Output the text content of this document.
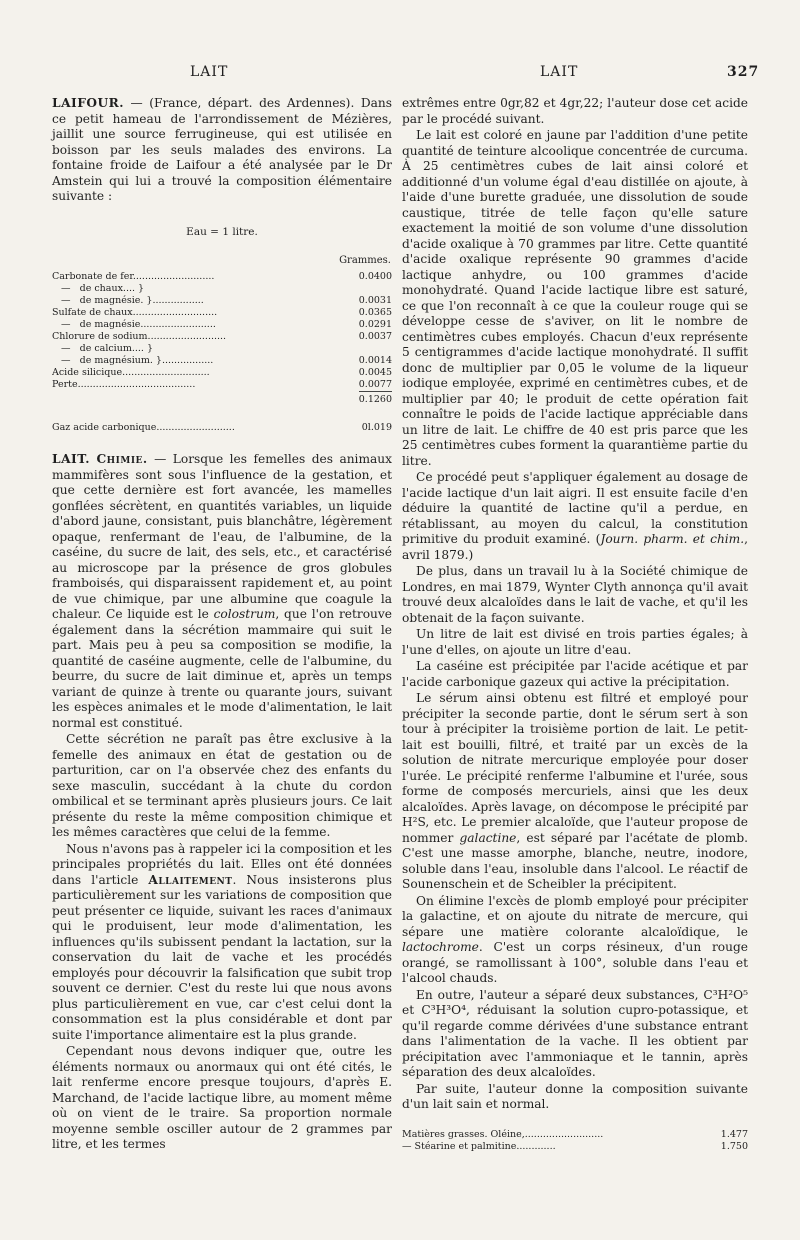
LAIT	LAIT	327

LAIFOUR. — (France, départ. des Ardennes). Dans ce petit hameau de l'arrondissement de Mézières, jaillit une source ferrugineuse, qui est utilisée en boisson par les seuls malades des environs. La fontaine froide de Laifour a été analysée par le Dr Amstein qui lui a trouvé la composition élémentaire suivante :

Eau = 1 litre.
	Grammes.
Carbonate de fer...........................	0.0400
—   de chaux.... }	
—   de magnésie. }.................	0.0031
Sulfate de chaux............................	0.0365
—   de magnésie.........................	0.0291
Chlorure de sodium..........................	0.0037
—   de calcium.... }	
—   de magnésium. }.................	0.0014
Acide silicique.............................	0.0045
Perte.......................................	0.0077
	0.1260

Gaz acide carbonique..........................	0l.019

LAIT. Chimie. — Lorsque les femelles des animaux mammifères sont sous l'influence de la gestation, et que cette dernière est fort avancée, les mamelles gonflées sécrètent, en quantités variables, un liquide d'abord jaune, consistant, puis blanchâtre, légèrement opaque, renfermant de l'eau, de l'albumine, de la caséine, du sucre de lait, des sels, etc., et caractérisé au microscope par la présence de gros globules framboisés, qui disparaissent rapidement et, au point de vue chimique, par une albumine que coagule la chaleur. Ce liquide est le colostrum, que l'on retrouve également dans la sécrétion mammaire qui suit le part. Mais peu à peu sa composition se modifie, la quantité de caséine augmente, celle de l'albumine, du beurre, du sucre de lait diminue et, après un temps variant de quinze à trente ou quarante jours, suivant les espèces animales et le mode d'alimentation, le lait normal est constitué.

Cette sécrétion ne paraît pas être exclusive à la femelle des animaux en état de gestation ou de parturition, car on l'a observée chez des enfants du sexe masculin, succédant à la chute du cordon ombilical et se terminant après plusieurs jours. Ce lait présente du reste la même composition chimique et les mêmes caractères que celui de la femme.

Nous n'avons pas à rappeler ici la composition et les principales propriétés du lait. Elles ont été données dans l'article Allaitement. Nous insisterons plus particulièrement sur les variations de composition que peut présenter ce liquide, suivant les races d'animaux qui le produisent, leur mode d'alimentation, les influences qu'ils subissent pendant la lactation, sur la conservation du lait de vache et les procédés employés pour découvrir la falsification que subit trop souvent ce dernier. C'est du reste lui que nous avons plus particulièrement en vue, car c'est celui dont la consommation est la plus considérable et dont par suite l'importance alimentaire est la plus grande.

Cependant nous devons indiquer que, outre les éléments normaux ou anormaux qui ont été cités, le lait renferme encore presque toujours, d'après E. Marchand, de l'acide lactique libre, au moment même où on vient de le traire. Sa proportion normale moyenne semble osciller autour de 2 grammes par litre, et les termes

extrêmes entre 0gr,82 et 4gr,22; l'auteur dose cet acide par le procédé suivant.

Le lait est coloré en jaune par l'addition d'une petite quantité de teinture alcoolique concentrée de curcuma. À 25 centimètres cubes de lait ainsi coloré et additionné d'un volume égal d'eau distillée on ajoute, à l'aide d'une burette graduée, une dissolution de soude caustique, titrée de telle façon qu'elle sature exactement la moitié de son volume d'une dissolution d'acide oxalique à 70 grammes par litre. Cette quantité d'acide oxalique représente 90 grammes d'acide lactique anhydre, ou 100 grammes d'acide monohydraté. Quand l'acide lactique libre est saturé, ce que l'on reconnaît à ce que la couleur rouge qui se développe cesse de s'aviver, on lit le nombre de centimètres cubes employés. Chacun d'eux représente 5 centigrammes d'acide lactique monohydraté. Il suffit donc de multiplier par 0,05 le volume de la liqueur iodique employée, exprimé en centimètres cubes, et de multiplier par 40; le produit de cette opération fait connaître le poids de l'acide lactique appréciable dans un litre de lait. Le chiffre de 40 est pris parce que les 25 centimètres cubes forment la quarantième partie du litre.

Ce procédé peut s'appliquer également au dosage de l'acide lactique d'un lait aigri. Il est ensuite facile d'en déduire la quantité de lactine qu'il a perdue, en rétablissant, au moyen du calcul, la constitution primitive du produit examiné. (Journ. pharm. et chim., avril 1879.)

De plus, dans un travail lu à la Société chimique de Londres, en mai 1879, Wynter Clyth annonça qu'il avait trouvé deux alcaloïdes dans le lait de vache, et qu'il les obtenait de la façon suivante.

Un litre de lait est divisé en trois parties égales; à l'une d'elles, on ajoute un litre d'eau.

La caséine est précipitée par l'acide acétique et par l'acide carbonique gazeux qui active la précipitation.

Le sérum ainsi obtenu est filtré et employé pour précipiter la seconde partie, dont le sérum sert à son tour à précipiter la troisième portion de lait. Le petit-lait est bouilli, filtré, et traité par un excès de la solution de nitrate mercurique employée pour doser l'urée. Le précipité renferme l'albumine et l'urée, sous forme de composés mercuriels, ainsi que les deux alcaloïdes. Après lavage, on décompose le précipité par H²S, etc. Le premier alcaloïde, que l'auteur propose de nommer galactine, est séparé par l'acétate de plomb. C'est une masse amorphe, blanche, neutre, inodore, soluble dans l'eau, insoluble dans l'alcool. Le réactif de Sounenschein et de Scheibler la précipitent.

On élimine l'excès de plomb employé pour précipiter la galactine, et on ajoute du nitrate de mercure, qui sépare une matière colorante alcaloïdique, le lactochrome. C'est un corps résineux, d'un rouge orangé, se ramollissant à 100°, soluble dans l'eau et l'alcool chauds.

En outre, l'auteur a séparé deux substances, C³H²O⁵ et C³H³O⁴, réduisant la solution cupro-potassique, et qu'il regarde comme dérivées d'une substance entrant dans l'alimentation de la vache. Il les obtient par précipitation avec l'ammoniaque et le tannin, après séparation des deux alcaloïdes.

Par suite, l'auteur donne la composition suivante d'un lait sain et normal.

Matières grasses. Oléine,..........................	1.477
— Stéarine et palmitine.............	1.750
